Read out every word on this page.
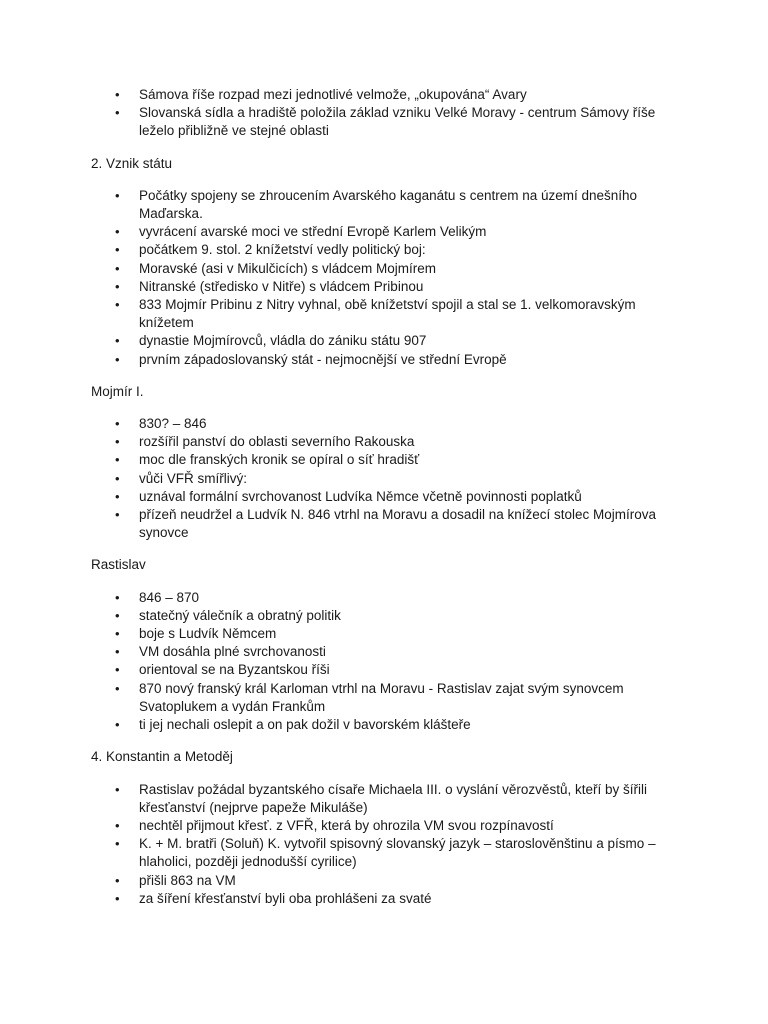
• Sámova říše rozpad mezi jednotlivé velmože, „okupována“ Avary
• Slovanská sídla a hradiště položila základ vzniku Velké Moravy - centrum Sámovy říše leželo přibližně ve stejné oblasti
2. Vznik státu
• Počátky spojeny se zhroucením Avarského kaganátu s centrem na území dnešního Maďarska.
• vyvrácení avarské moci ve střední Evropě Karlem Velikým
• počátkem 9. stol. 2 knížetství vedly politický boj:
• Moravské (asi v Mikulčicích) s vládcem Mojmírem
• Nitranské (středisko v Nitře) s vládcem Pribinou
• 833 Mojmír Pribinu z Nitry vyhnal, obě knížetství spojil a stal se 1. velkomoravským knížetem
• dynastie Mojmírovců, vládla do zániku státu 907
• prvním západoslovanský stát - nejmocnější ve střední Evropě
Mojmír I.
• 830? – 846
• rozšířil panství do oblasti severního Rakouska
• moc dle franských kronik se opíral o síť hradišť
• vůči VFŘ smířlivý:
• uznával formální svrchovanost Ludvíka Němce včetně povinnosti poplatků
• přízeň neudržel a Ludvík N. 846 vtrhl na Moravu a dosadil na knížecí stolec Mojmírova synovce
Rastislav
• 846 – 870
• statečný válečník a obratný politik
• boje s Ludvík Němcem
• VM dosáhla plné svrchovanosti
• orientoval se na Byzantskou říši
• 870 nový franský král Karloman vtrhl na Moravu - Rastislav zajat svým synovcem Svatoplukem a vydán Frankům
• ti jej nechali oslepit a on pak dožil v bavorském klášteře
4. Konstantin a Metoděj
• Rastislav požádal byzantského císaře Michaela III. o vyslání věrozvěstů, kteří by šířili křesťanství (nejprve papeže Mikuláše)
• nechtěl přijmout křesť. z VFŘ, která by ohrozila VM svou rozpínavostí
• K. + M. bratři (Soluň) K. vytvořil spisovný slovanský jazyk – staroslověnštinu a písmo – hlaholici, později jednodušší cyrilice)
• přišli 863 na VM
• za šíření křesťanství byli oba prohlášeni za svaté
